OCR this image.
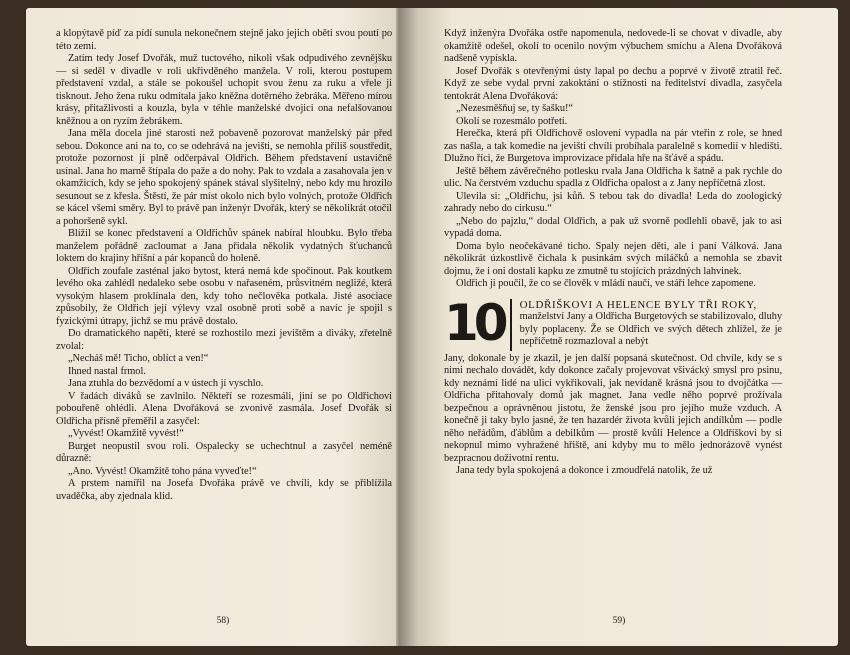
a klopýtavě píď za pídí sunula nekonečnem stejně jako jejich oběti svou poutí po této zemi.

Zatím tedy Josef Dvořák, muž tuctového, nikoli však odpudivého zevnějšku — si seděl v divadle v roli ukřivděného manžela. V roli, kterou postupem představení vzdal, a stále se pokoušel uchopit svou ženu za ruku a vřele ji tisknout. Jeho žena ruku odmítala jako kněžna dotěrného žebráka. Měřeno mírou krásy, přitažlivosti a kouzla, byla v téhle manželské dvojici ona nefalšovanou kněžnou a on ryzím žebrákem.

Jana měla docela jiné starosti než pobaveně pozorovat manželský pár před sebou. Dokonce ani na to, co se odehrává na jevišti, se nemohla příliš soustředit, protože pozornost jí plně odčerpával Oldřich. Během představení ustavičně usínal. Jana ho marně štípala do paže a do nohy. Pak to vzdala a zasahovala jen v okamžicích, kdy se jeho spokojený spánek stával slyšitelný, nebo kdy mu hrozilo sesunout se z křesla. Štěstí, že pár míst okolo nich bylo volných, protože Oldřich se kácel všemi směry. Byl to právě pan inženýr Dvořák, který se několikrát otočil a pohoršeně sykl.

Blížil se konec představení a Oldřichův spánek nabíral hloubku. Bylo třeba manželem pořádně zacloumat a Jana přidala několik vydatných šťuchanců loktem do krajiny hříšní a pár kopanců do holeně.

Oldřich zoufale zasténal jako bytost, která nemá kde spočinout. Pak koutkem levého oka zahlédl nedaleko sebe osobu v nařaseném, průsvitném negližé, která vysokým hlasem proklínala den, kdy toho nečlověka potkala. Jisté asociace způsobily, že Oldřich její výlevy vzal osobně proti sobě a navíc je spojil s fyzickými útrapy, jichž se mu právě dostalo.

Do dramatického napětí, které se rozhostilo mezi jevištěm a diváky, zřetelně zvolal:

„Necháš mě! Ticho, oblíct a ven!“

Ihned nastal frmol.

Jana ztuhla do bezvědomí a v ústech jí vyschlo.

V řadách diváků se zavlnilo. Někteří se rozesmáli, jiní se po Oldřichovi pobouřeně ohlédli. Alena Dvořáková se zvonivě zasmála. Josef Dvořák si Oldřicha přísně přeměřil a zasyčel:

„Vyvést! Okamžitě vyvést!“

Burget neopustil svou roli. Ospalecky se uchechtnul a zasyčel neméně důrazně:

„Ano. Vyvést! Okamžitě toho pána vyveďte!“

A prstem namířil na Josefa Dvořáka právě ve chvíli, kdy se přiblížila uvaděčka, aby zjednala klid.

58)

Když inženýra Dvořáka ostře napomenula, nedovede-li se chovat v divadle, aby okamžitě odešel, okolí to ocenilo novým výbuchem smíchu a Alena Dvořáková nadšeně vypískla.

Josef Dvořák s otevřenými ústy lapal po dechu a poprvé v životě ztratil řeč. Když ze sebe vydal prvni zakoktání o stížnosti na ředitelství divadla, zasyčela tentokrát Alena Dvořáková:

„Nezesměšňuj se, ty šašku!“

Okolí se rozesmálo potřetí.

Herečka, která při Oldřichově oslovení vypadla na pár vteřin z role, se hned zas našla, a tak komedie na jevišti chvíli probíhala paralelně s komedií v hledišti. Dlužno říci, že Burgetova improvizace přidala hře na šťávě a spádu.

Ještě během závěrečného potlesku rvala Jana Oldřicha k šatně a pak rychle do ulic. Na čerstvém vzduchu spadla z Oldřicha opalost a z Jany nepříčetná zlost.

Ulevila si: „Oldřichu, jsi kůň. S tebou tak do divadla! Leda do zoologický zahrady nebo do cirkusu.“

„Nebo do pajzlu,“ dodal Oldřich, a pak už svorně podlehli obavě, jak to asi vypadá doma.

Doma bylo neočekávané ticho. Spaly nejen děti, ale i paní Válková. Jana několikrát úzkostlivě čichala k pusinkám svých miláčků a nemohla se zbavit dojmu, že i oni dostali kapku ze zmutně tu stojících prázdných lahvinek.

Oldřich ji poučil, že co se člověk v mládí naučí, ve stáří lehce zapomene.

10	OLDŘIŠKOVI A HELENCE BYLY TŘI ROKY,

manželství Jany a Oldřicha Burgetových se stabilizovalo, dluhy byly poplaceny. Že se Oldřich ve svých dětech zhlížel, že je nepříčetně rozmazloval a nebýt

Jany, dokonale by je zkazil, je jen další popsaná skutečnost. Od chvíle, kdy se s nimi nechalo dovádět, kdy dokonce začaly projevovat všivácký smysl pro psinu, kdy neznámí lidé na ulici vykřikovali, jak nevídaně krásná jsou to dvojčátka — Oldřicha přitahovaly domů jak magnet. Jana vedle něho poprvé prožívala bezpečnou a oprávněnou jistotu, že ženské jsou pro jejího muže vzduch. A konečně ji taky bylo jasné, že ten hazardér života kvůli jejich andílkům — podle něho neřádům, ďáblům a debilkům — prostě kvůli Helence a Oldříškovi by si nekopnul mimo vyhražené hřiště, ani kdyby mu to mělo jednorázově vynést bezpracnou doživotní rentu.

Jana tedy byla spokojená a dokonce i zmoudřelá natolik, že už

59)
